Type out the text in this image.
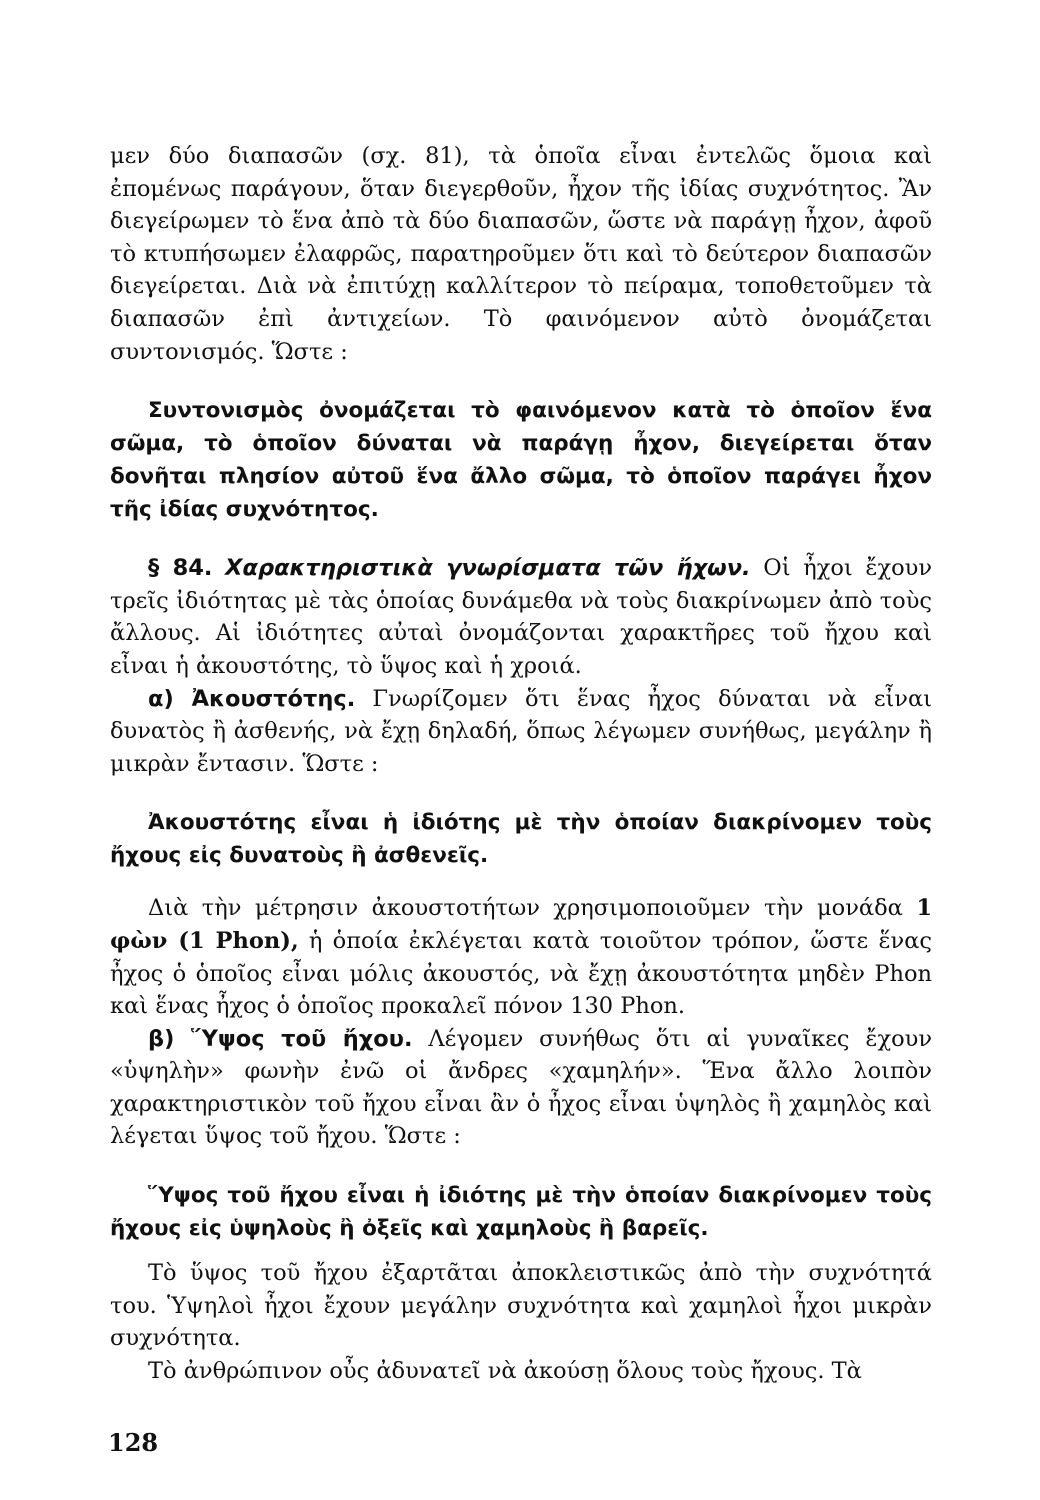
μεν δύο διαπασῶν (σχ. 81), τὰ ὁποῖα εἶναι ἐντελῶς ὅμοια καὶ ἐπομένως παράγουν, ὅταν διεγερθοῦν, ἦχον τῆς ἰδίας συχνότητος. Ἂν διεγείρωμεν τὸ ἕνα ἀπὸ τὰ δύο διαπασῶν, ὥστε νὰ παράγῃ ἦχον, ἀφοῦ τὸ κτυπήσωμεν ἐλαφρῶς, παρατηροῦμεν ὅτι καὶ τὸ δεύτερον διαπασῶν διεγείρεται. Διὰ νὰ ἐπιτύχῃ καλλίτερον τὸ πείραμα, τοποθετοῦμεν τὰ διαπασῶν ἐπὶ ἀντιχείων. Τὸ φαινόμενον αὐτὸ ὀνομάζεται συντονισμός. Ὥστε :

Συντονισμὸς ὀνομάζεται τὸ φαινόμενον κατὰ τὸ ὁποῖον ἕνα σῶμα, τὸ ὁποῖον δύναται νὰ παράγῃ ἦχον, διεγείρεται ὅταν δονῆται πλησίον αὐτοῦ ἕνα ἄλλο σῶμα, τὸ ὁποῖον παράγει ἦχον τῆς ἰδίας συχνότητος.

§ 84. Χαρακτηριστικὰ γνωρίσματα τῶν ἤχων. Οἱ ἦχοι ἔχουν τρεῖς ἰδιότητας μὲ τὰς ὁποίας δυνάμεθα νὰ τοὺς διακρίνωμεν ἀπὸ τοὺς ἄλλους. Αἱ ἰδιότητες αὐταὶ ὀνομάζονται χαρακτῆρες τοῦ ἤχου καὶ εἶναι ἡ ἀκουστότης, τὸ ὕψος καὶ ἡ χροιά.

α) Ἀκουστότης. Γνωρίζομεν ὅτι ἕνας ἦχος δύναται νὰ εἶναι δυνατὸς ἢ ἀσθενής, νὰ ἔχῃ δηλαδή, ὅπως λέγωμεν συνήθως, μεγάλην ἢ μικρὰν ἔντασιν. Ὥστε :

Ἀκουστότης εἶναι ἡ ἰδιότης μὲ τὴν ὁποίαν διακρίνομεν τοὺς ἤχους εἰς δυνατοὺς ἢ ἀσθενεῖς.

Διὰ τὴν μέτρησιν ἀκουστοτήτων χρησιμοποιοῦμεν τὴν μονάδα 1 φὼν (1 Phon), ἡ ὁποία ἐκλέγεται κατὰ τοιοῦτον τρόπον, ὥστε ἕνας ἦχος ὁ ὁποῖος εἶναι μόλις ἀκουστός, νὰ ἔχῃ ἀκουστότητα μηδὲν Phon καὶ ἕνας ἦχος ὁ ὁποῖος προκαλεῖ πόνον 130 Phon.

β) Ὕψος τοῦ ἤχου. Λέγομεν συνήθως ὅτι αἱ γυναῖκες ἔχουν «ὑψηλὴν» φωνὴν ἐνῶ οἱ ἄνδρες «χαμηλήν». Ἕνα ἄλλο λοιπὸν χαρακτηριστικὸν τοῦ ἤχου εἶναι ἂν ὁ ἦχος εἶναι ὑψηλὸς ἢ χαμηλὸς καὶ λέγεται ὕψος τοῦ ἤχου. Ὥστε :

Ὕψος τοῦ ἤχου εἶναι ἡ ἰδιότης μὲ τὴν ὁποίαν διακρίνομεν τοὺς ἤχους εἰς ὑψηλοὺς ἢ ὀξεῖς καὶ χαμηλοὺς ἢ βαρεῖς.

Τὸ ὕψος τοῦ ἤχου ἐξαρτᾶται ἀποκλειστικῶς ἀπὸ τὴν συχνότητά του. Ὑψηλοὶ ἦχοι ἔχουν μεγάλην συχνότητα καὶ χαμηλοὶ ἦχοι μικρὰν συχνότητα.

Τὸ ἀνθρώπινον οὖς ἀδυνατεῖ νὰ ἀκούσῃ ὅλους τοὺς ἤχους. Τὰ

128
